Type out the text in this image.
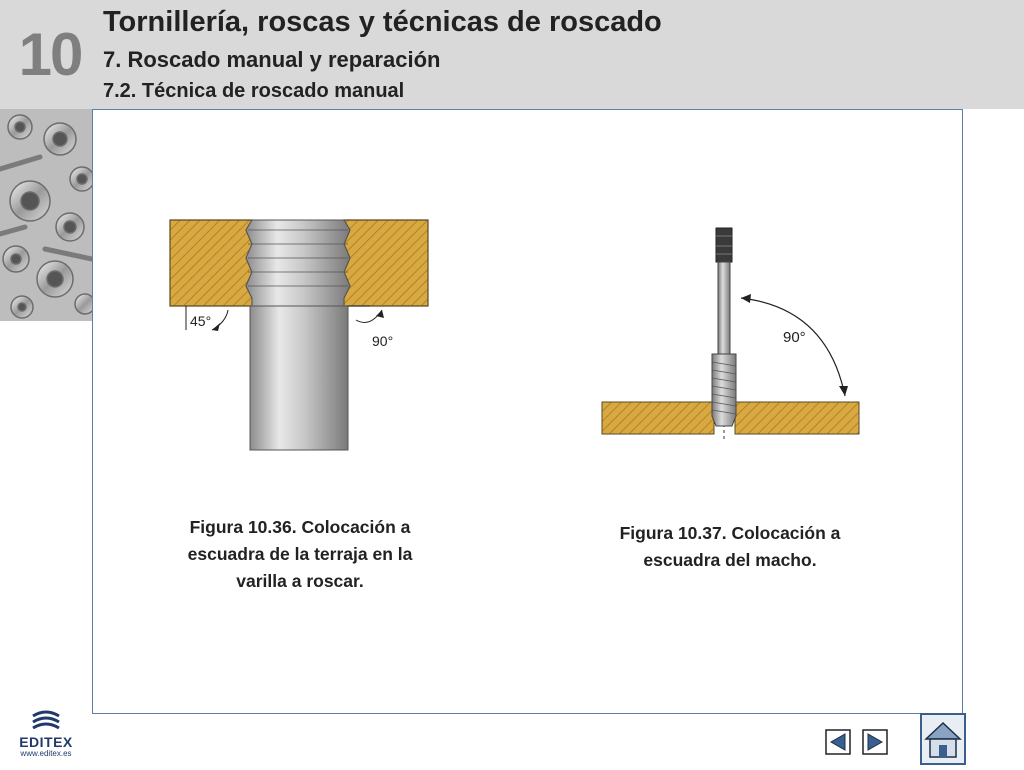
10 Tornillería, roscas y técnicas de roscado
7. Roscado manual y reparación
7.2. Técnica de roscado manual
45°
90°	90°
Figura 10.36. Colocación a
escuadra de la terraja en la
varilla a roscar.
Figura 10.37. Colocación a
escuadra del macho.
EDITEX
www.editex.es
